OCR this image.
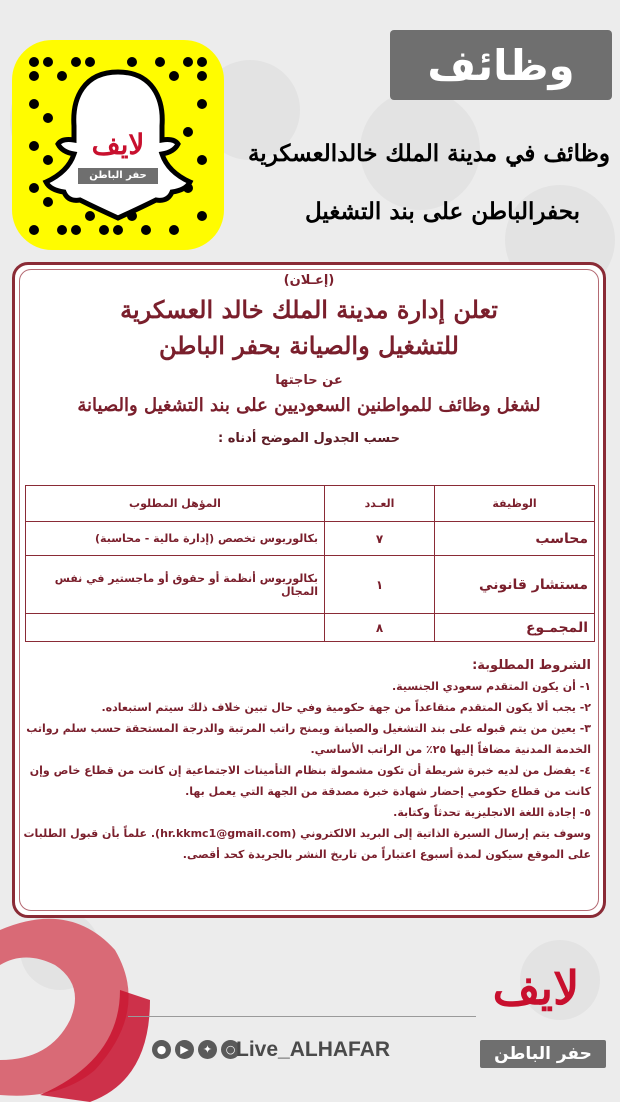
وظائف
لايف
حفر الباطن
وظائف في مدينة الملك خالدالعسكرية
بحفرالباطن على بند التشغيل
(إعـلان)
تعلن إدارة مدينة الملك خالد العسكرية
للتشغيل والصيانة بحفر الباطن
عن حاجتها
لشغل وظائف للمواطنين السعوديين على بند التشغيل والصيانة
حسب الجدول الموضح أدناه :
الوظيفة	العـدد	المؤهل المطلوب
محاسب	٧	بكالوريوس تخصص (إدارة مالية - محاسبة)
مستشار قانوني	١	بكالوريوس أنظمة أو حقوق أو ماجستير في نفس المجال
المجمـوع	٨	
الشروط المطلوبة:
١- أن يكون المتقدم سعودي الجنسية.
٢- يجب ألا يكون المتقدم متقاعداً من جهة حكومية وفي حال تبين خلاف ذلك سيتم استبعاده.
٣- يعين من يتم قبوله على بند التشغيل والصيانة ويمنح راتب المرتبة والدرجة المستحقة حسب سلم رواتب الخدمة المدنية مضافاً إليها ٢٥٪ من الراتب الأساسي.
٤- يفضل من لديه خبرة شريطة أن تكون مشمولة بنظام التأمينات الاجتماعية إن كانت من قطاع خاص وإن كانت من قطاع حكومي إحضار شهادة خبرة مصدقة من الجهة التي يعمل بها.
٥- إجادة اللغة الانجليزية تحدثاً وكتابة.
وسوف يتم إرسال السيرة الذاتية إلى البريد الالكتروني (hr.kkmc1@gmail.com). علماً بأن قبول الطلبات على الموقع سيكون لمدة أسبوع اعتباراً من تاريخ النشر بالجريدة كحد أقصى.
●	▶	✦	○ Live_ALHAFAR
لايف
حفر الباطن
